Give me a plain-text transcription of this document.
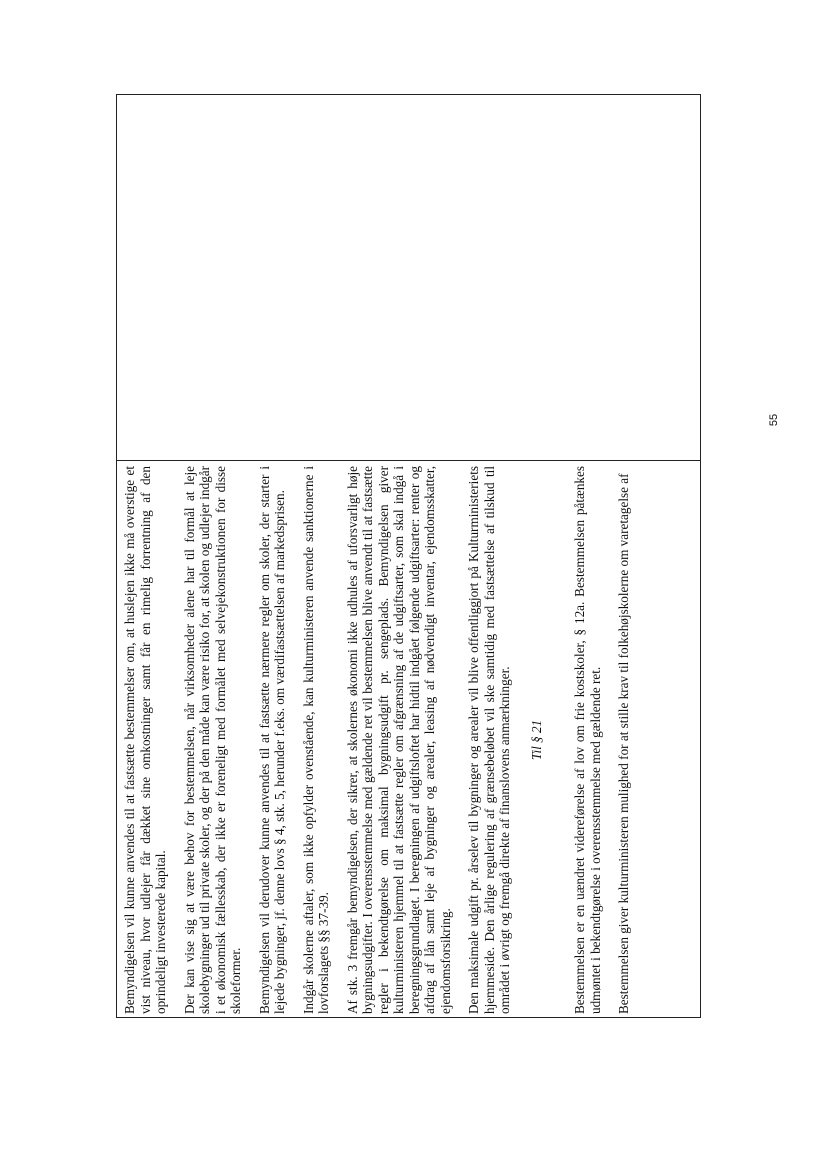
Bemyndigelsen vil kunne anvendes til at fastsætte bestemmelser om, at huslejen ikke må overstige et vist niveau, hvor udlejer får dækket sine omkostninger samt får en rimelig forrentning af den oprindeligt investerede kapital. Der kan vise sig at være behov for bestemmelsen, når virksomheder alene har til formål at leje skolebygninger ud til private skoler, og der på den måde kan være risiko for, at skolen og udlejer indgår i et økonomisk fællesskab, der ikke er foreneligt med formålet med selvejekonstruktionen for disse skoleformer. Bemyndigelsen vil derudover kunne anvendes til at fastsætte nærmere regler om skoler, der starter i lejede bygninger, jf. denne lovs § 4, stk. 5, herunder f.eks. om værdifastsættelsen af markedsprisen. Indgår skolerne aftaler, som ikke opfylder ovenstående, kan kulturministeren anvende sanktionerne i lovforslagets §§ 37-39. Af stk. 3 fremgår bemyndigelsen, der sikrer, at skolernes økonomi ikke udhules af uforsvarligt høje bygningsudgifter. I overensstemmelse med gældende ret vil bestemmelsen blive anvendt til at fastsætte regler i bekendtgørelse om maksimal bygningsudgift pr. sengeplads. Bemyndigelsen giver kulturministeren hjemmel til at fastsætte regler om afgrænsning af de udgiftsarter, som skal indgå i beregningsgrundlaget. I beregningen af udgiftsloftet har hidtil indgået følgende udgiftsarter: renter og afdrag af lån samt leje af bygninger og arealer, leasing af nødvendigt inventar, ejendomsskatter, ejendomsforsikring. Den maksimale udgift pr. årselev til bygninger og arealer vil blive offentliggjort på Kulturministeriets hjemmeside. Den årlige regulering af grænsebeløbet vil ske samtidig med fastsættelse af tilskud til området i øvrigt og fremgå direkte af finanslovens anmærkninger. Til § 21 Bestemmelsen er en uændret videreførelse af lov om frie kostskoler, § 12a. Bestemmelsen påtænkes udmøntet i bekendtgørelse i overensstemmelse med gældende ret. Bestemmelsen giver kulturministeren mulighed for at stille krav til folkehøjskolerne om varetagelse af

55
